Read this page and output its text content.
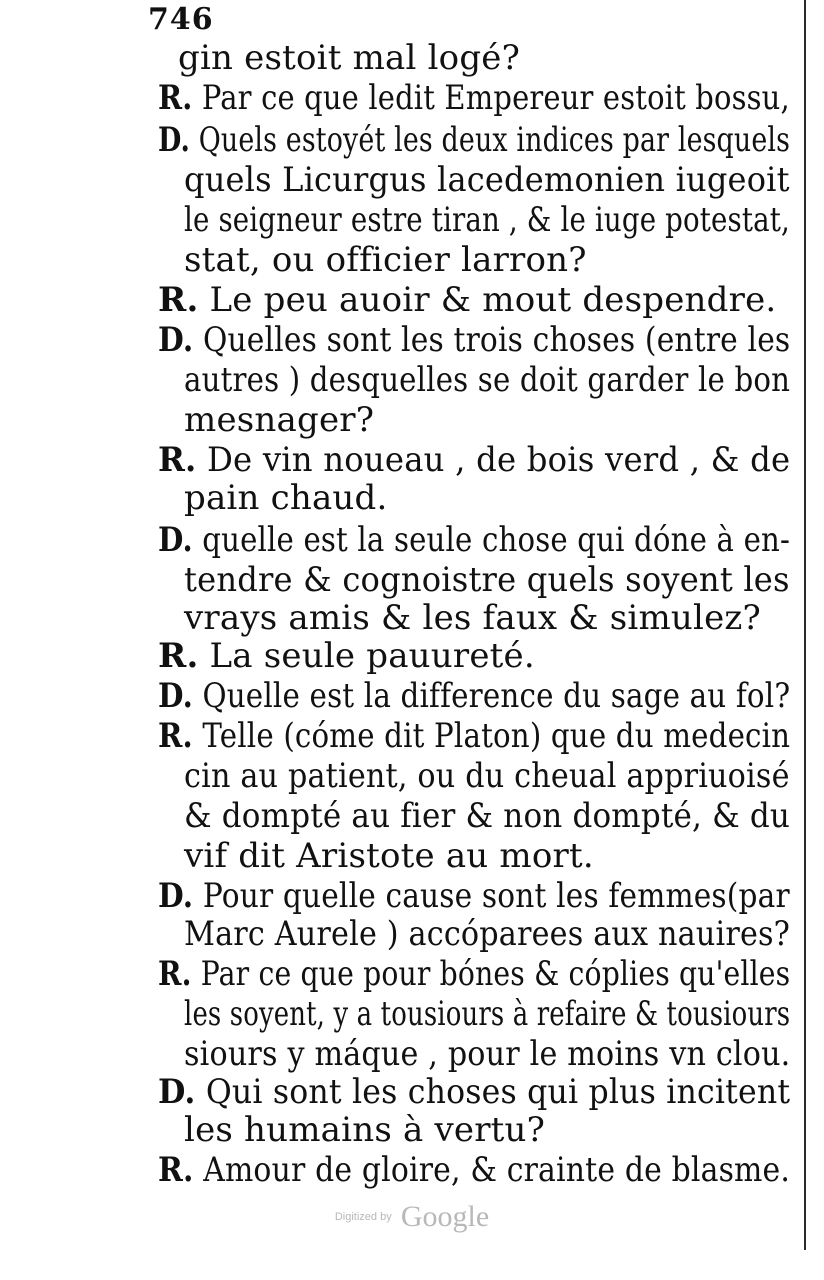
746
gin estoit mal logé?
R. Par ce que ledit Empereur estoit bossu,
D. Quels estoyét les deux indices par lesquels
quels Licurgus lacedemonien iugeoit
le seigneur estre tiran , & le iuge potestat,
stat, ou officier larron?
R. Le peu auoir & mout despendre.
D. Quelles sont les trois choses (entre les
autres ) desquelles se doit garder le bon
mesnager?
R. De vin noueau , de bois verd , & de
pain chaud.
D. quelle est la seule chose qui dóne à en-
tendre & cognoistre quels soyent les
vrays amis & les faux & simulez?
R. La seule pauureté.
D. Quelle est la difference du sage au fol?
R. Telle (cóme dit Platon) que du medecin
cin au patient, ou du cheual appriuoisé
& dompté au fier & non dompté, & du
vif dit Aristote au mort.
D. Pour quelle cause sont les femmes(par
Marc Aurele ) accóparees aux nauires?
R. Par ce que pour bónes & cóplies qu'elles
les soyent, y a tousiours à refaire & tousiours
siours y máque , pour le moins vn clou.
D. Qui sont les choses qui plus incitent
les humains à vertu?
R. Amour de gloire, & crainte de blasme.
Digitized by Google
